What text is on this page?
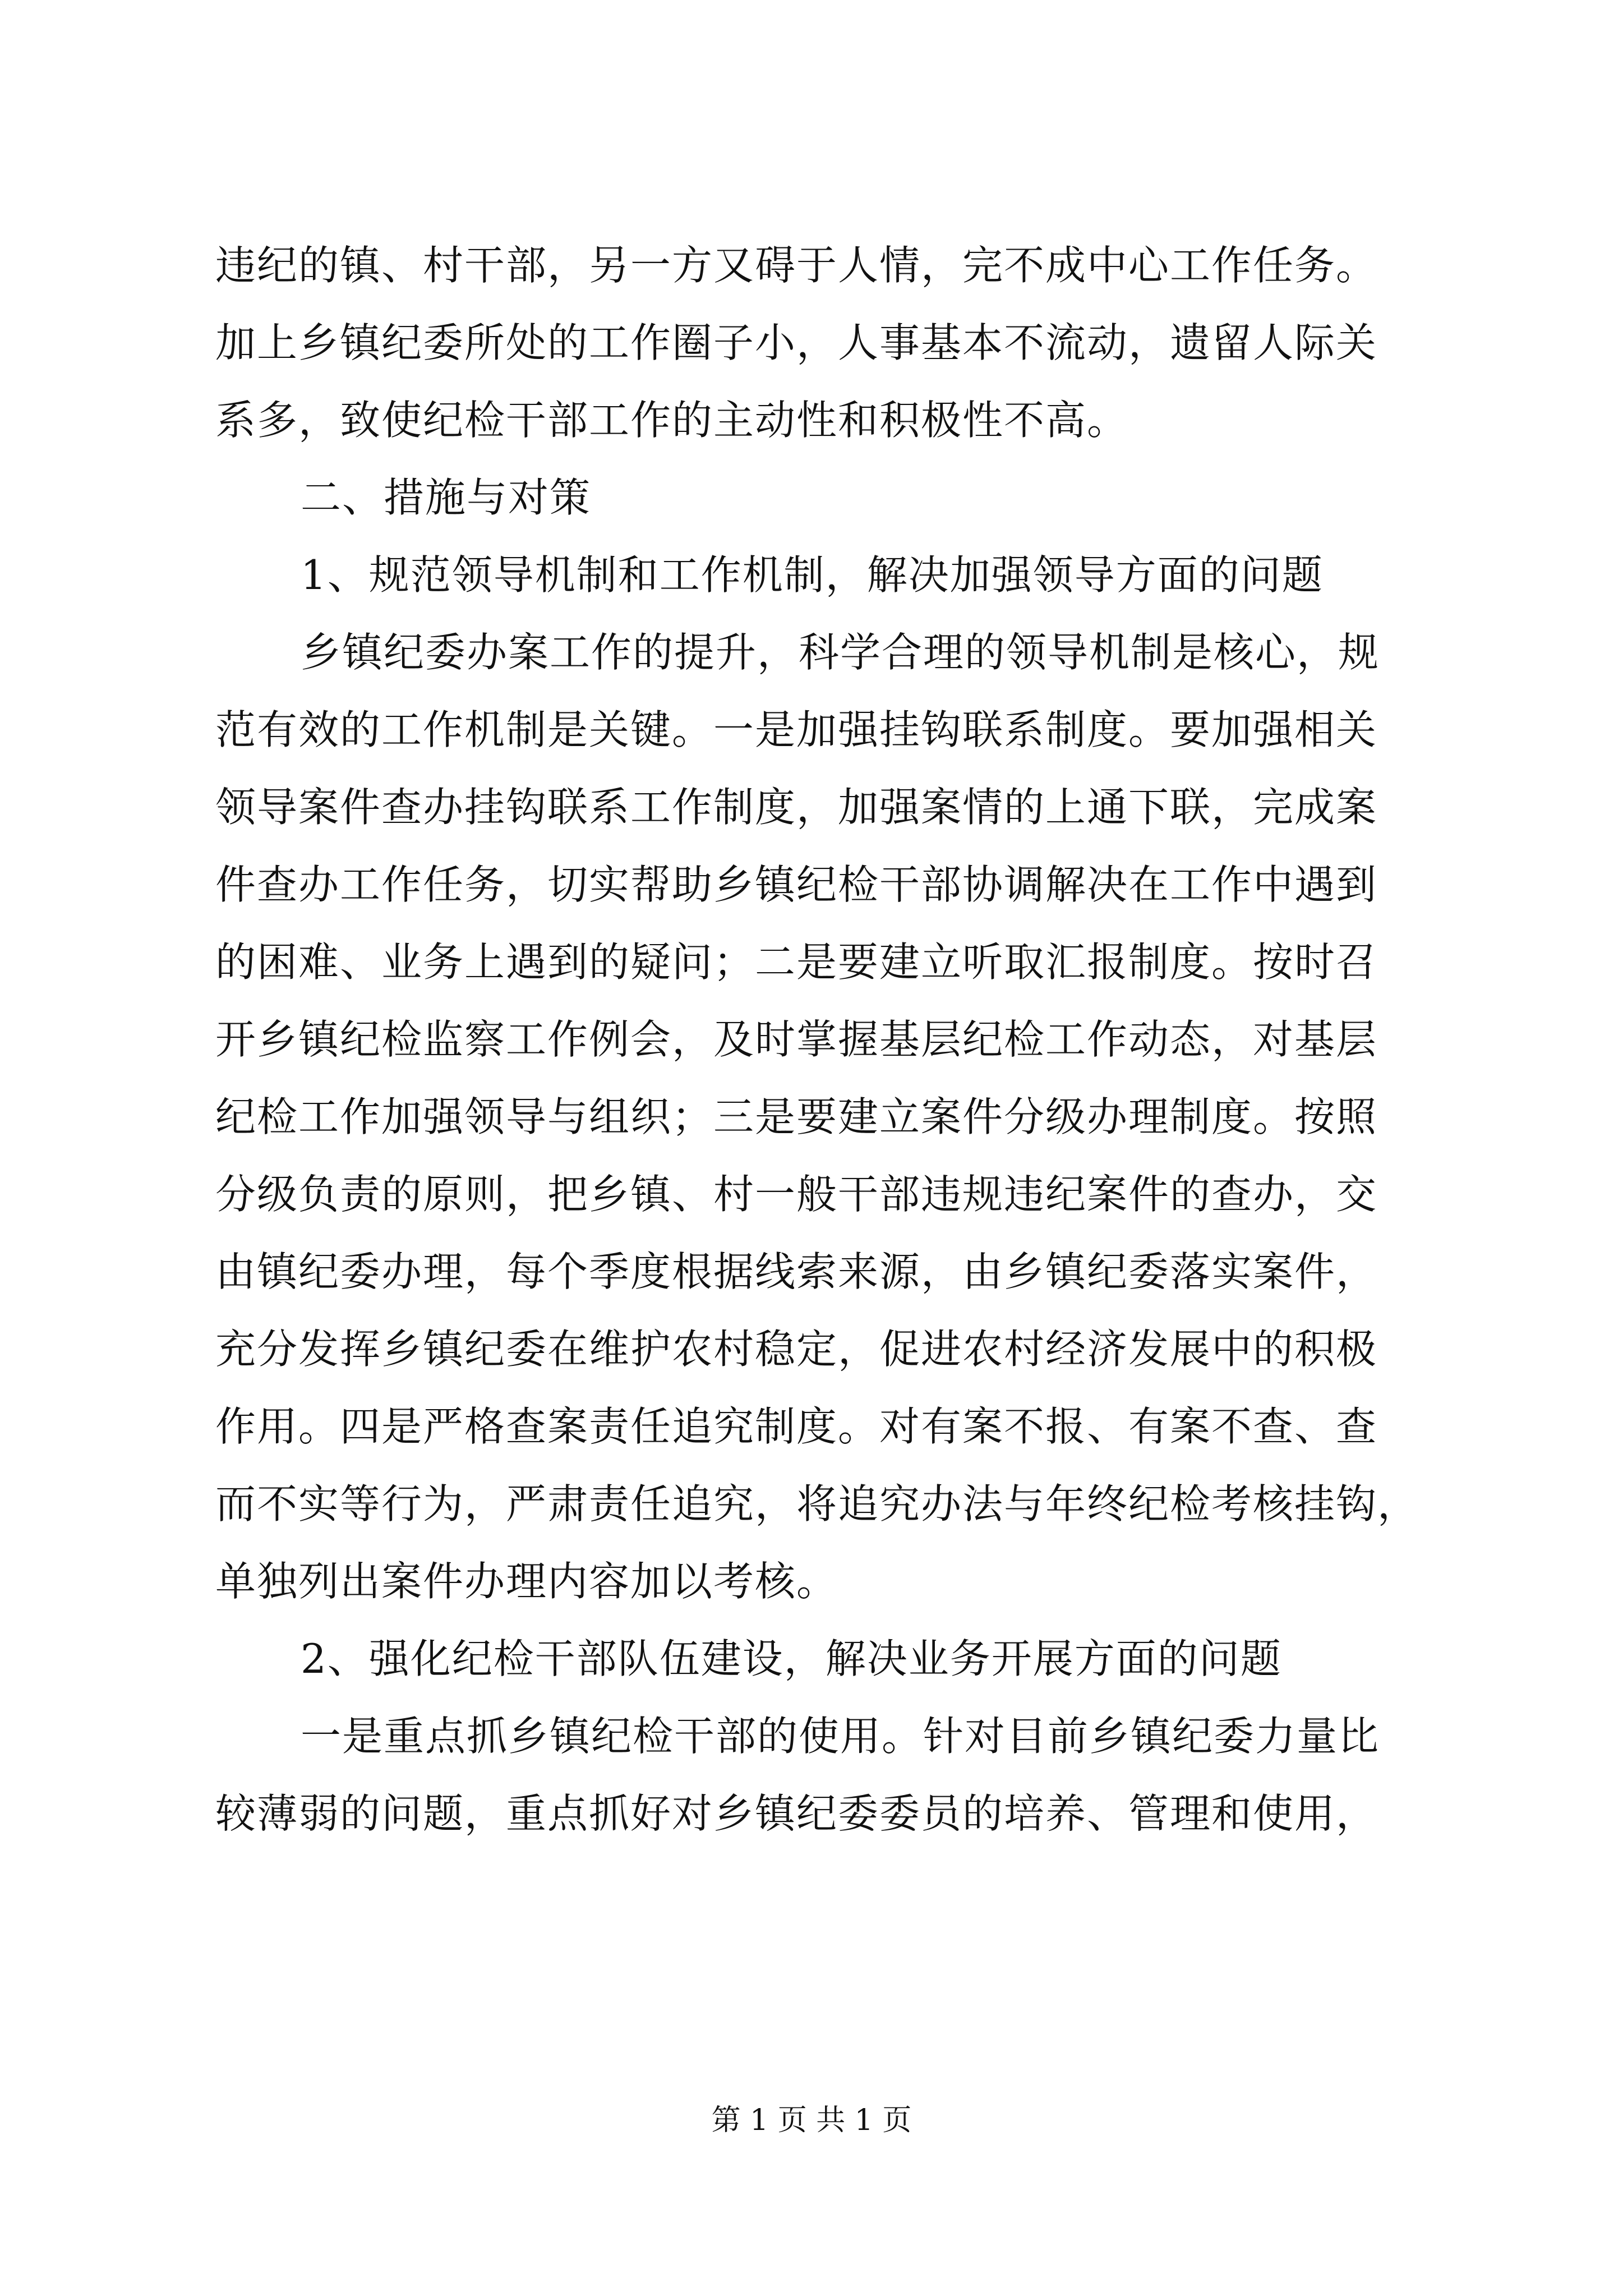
违纪的镇、村干部，另一方又碍于人情，完不成中心工作任务。
加上乡镇纪委所处的工作圈子小，人事基本不流动，遗留人际关
系多，致使纪检干部工作的主动性和积极性不高。
二、措施与对策
1、规范领导机制和工作机制，解决加强领导方面的问题
乡镇纪委办案工作的提升，科学合理的领导机制是核心，规
范有效的工作机制是关键。一是加强挂钩联系制度。要加强相关
领导案件查办挂钩联系工作制度，加强案情的上通下联，完成案
件查办工作任务，切实帮助乡镇纪检干部协调解决在工作中遇到
的困难、业务上遇到的疑问；二是要建立听取汇报制度。按时召
开乡镇纪检监察工作例会，及时掌握基层纪检工作动态，对基层
纪检工作加强领导与组织；三是要建立案件分级办理制度。按照
分级负责的原则，把乡镇、村一般干部违规违纪案件的查办，交
由镇纪委办理，每个季度根据线索来源，由乡镇纪委落实案件，
充分发挥乡镇纪委在维护农村稳定，促进农村经济发展中的积极
作用。四是严格查案责任追究制度。对有案不报、有案不查、查
而不实等行为，严肃责任追究，将追究办法与年终纪检考核挂钩，
单独列出案件办理内容加以考核。
2、强化纪检干部队伍建设，解决业务开展方面的问题
一是重点抓乡镇纪检干部的使用。针对目前乡镇纪委力量比
较薄弱的问题，重点抓好对乡镇纪委委员的培养、管理和使用，
第 1 页 共 1 页
